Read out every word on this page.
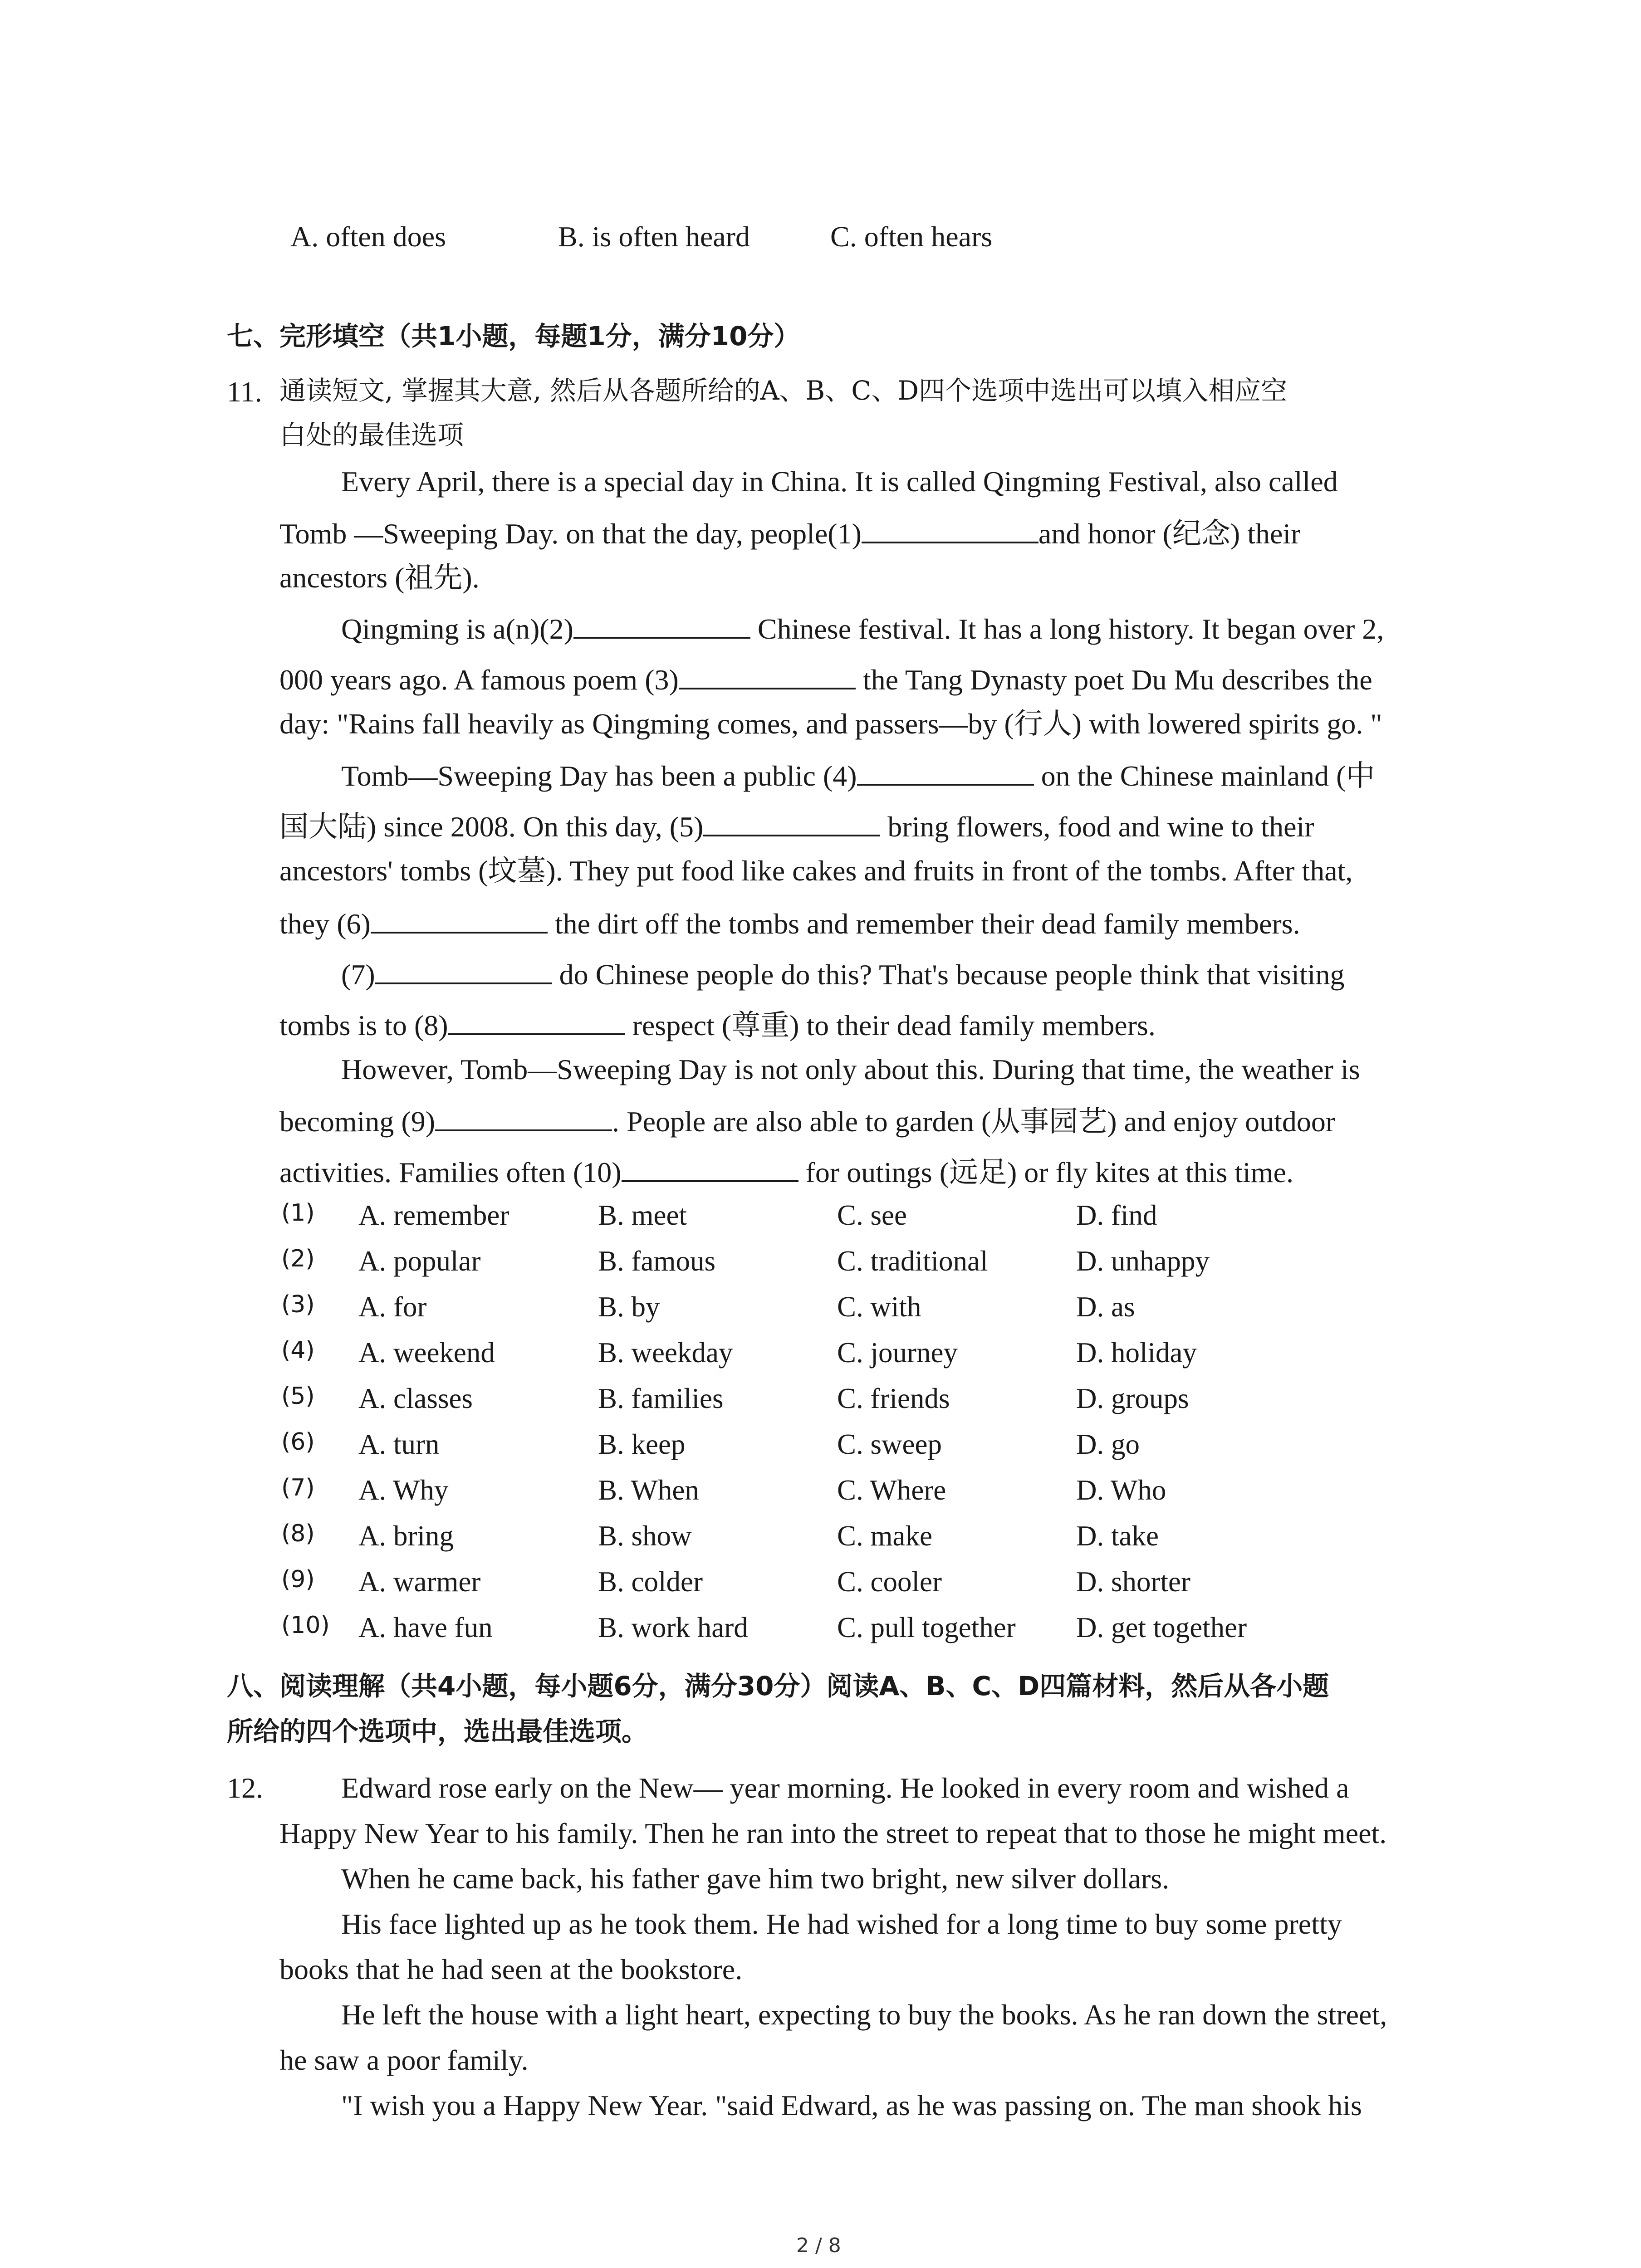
A. often does	B. is often heard	C. often hears
七、完形填空（共1小题，每题1分，满分10分）
11. 通读短文, 掌握其大意, 然后从各题所给的A、B、C、D四个选项中选出可以填入相应空
白处的最佳选项
Every April, there is a special day in China. It is called Qingming Festival, also called
Tomb —Sweeping Day. on that the day, people(1)	and honor (纪念) their
ancestors (祖先).
Qingming is a(n)(2)	Chinese festival. It has a long history. It began over 2,
000 years ago. A famous poem (3)	the Tang Dynasty poet Du Mu describes the
day: "Rains fall heavily as Qingming comes, and passers—by (行人) with lowered spirits go. "
Tomb—Sweeping Day has been a public (4)	on the Chinese mainland (中
国大陆) since 2008. On this day, (5)	bring flowers, food and wine to their
ancestors' tombs (坟墓). They put food like cakes and fruits in front of the tombs. After that,
they (6)	the dirt off the tombs and remember their dead family members.
(7)	do Chinese people do this? That's because people think that visiting
tombs is to (8)	respect (尊重) to their dead family members.
However, Tomb—Sweeping Day is not only about this. During that time, the weather is
becoming (9)	. People are also able to garden (从事园艺) and enjoy outdoor
activities. Families often (10)	for outings (远足) or fly kites at this time.
(1) A. remember	B. meet	C. see	D. find
(2) A. popular	B. famous	C. traditional	D. unhappy
(3) A. for	B. by	C. with	D. as
(4) A. weekend	B. weekday	C. journey	D. holiday
(5) A. classes	B. families	C. friends	D. groups
(6) A. turn	B. keep	C. sweep	D. go
(7) A. Why	B. When	C. Where	D. Who
(8) A. bring	B. show	C. make	D. take
(9) A. warmer	B. colder	C. cooler	D. shorter
(10) A. have fun	B. work hard	C. pull together D. get together
八、阅读理解（共4小题，每小题6分，满分30分）阅读A、B、C、D四篇材料，然后从各小题
所给的四个选项中，选出最佳选项。
12.	Edward rose early on the New— year morning. He looked in every room and wished a
Happy New Year to his family. Then he ran into the street to repeat that to those he might meet.
When he came back, his father gave him two bright, new silver dollars.
His face lighted up as he took them. He had wished for a long time to buy some pretty
books that he had seen at the bookstore.
He left the house with a light heart, expecting to buy the books. As he ran down the street,
he saw a poor family.
"I wish you a Happy New Year. "said Edward, as he was passing on. The man shook his
2 / 8
